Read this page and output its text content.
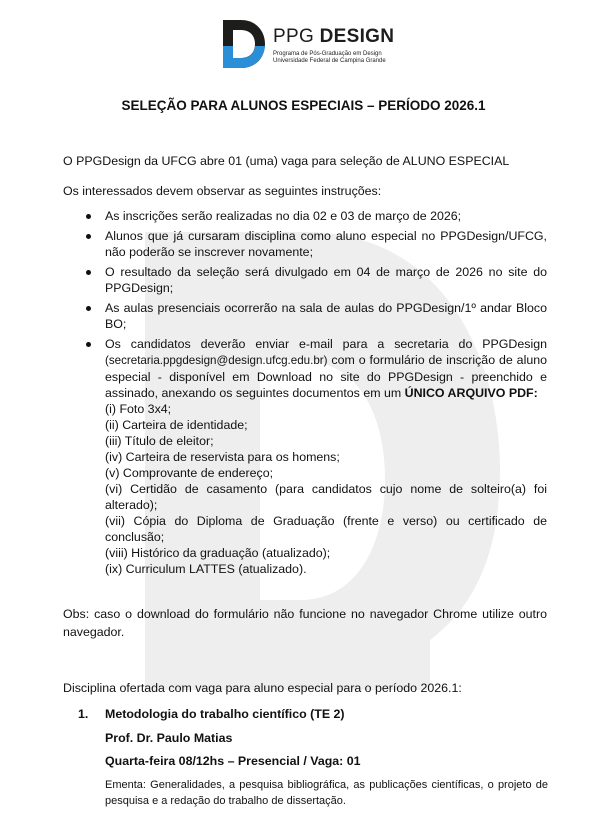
PPG DESIGN
Programa de Pós-Graduação em Design
Universidade Federal de Campina Grande
SELEÇÃO PARA ALUNOS ESPECIAIS – PERÍODO 2026.1
O PPGDesign da UFCG abre 01 (uma) vaga para seleção de ALUNO ESPECIAL
Os interessados devem observar as seguintes instruções:
As inscrições serão realizadas no dia 02 e 03 de março de 2026;
Alunos que já cursaram disciplina como aluno especial no PPGDesign/UFCG, não poderão se inscrever novamente;
O resultado da seleção será divulgado em 04 de março de 2026 no site do PPGDesign;
As aulas presenciais ocorrerão na sala de aulas do PPGDesign/1º andar Bloco BO;
Os candidatos deverão enviar e-mail para a secretaria do PPGDesign (secretaria.ppgdesign@design.ufcg.edu.br) com o formulário de inscrição de aluno especial - disponível em Download no site do PPGDesign - preenchido e assinado, anexando os seguintes documentos em um ÚNICO ARQUIVO PDF:
(i) Foto 3x4;
(ii) Carteira de identidade;
(iii) Título de eleitor;
(iv) Carteira de reservista para os homens;
(v) Comprovante de endereço;
(vi) Certidão de casamento (para candidatos cujo nome de solteiro(a) foi alterado);
(vii) Cópia do Diploma de Graduação (frente e verso) ou certificado de conclusão;
(viii) Histórico da graduação (atualizado);
(ix) Curriculum LATTES (atualizado).
Obs: caso o download do formulário não funcione no navegador Chrome utilize outro navegador.
Disciplina ofertada com vaga para aluno especial para o período 2026.1:
1. Metodologia do trabalho científico (TE 2)
Prof. Dr. Paulo Matias
Quarta-feira 08/12hs – Presencial / Vaga: 01
Ementa: Generalidades, a pesquisa bibliográfica, as publicações científicas, o projeto de pesquisa e a redação do trabalho de dissertação.
